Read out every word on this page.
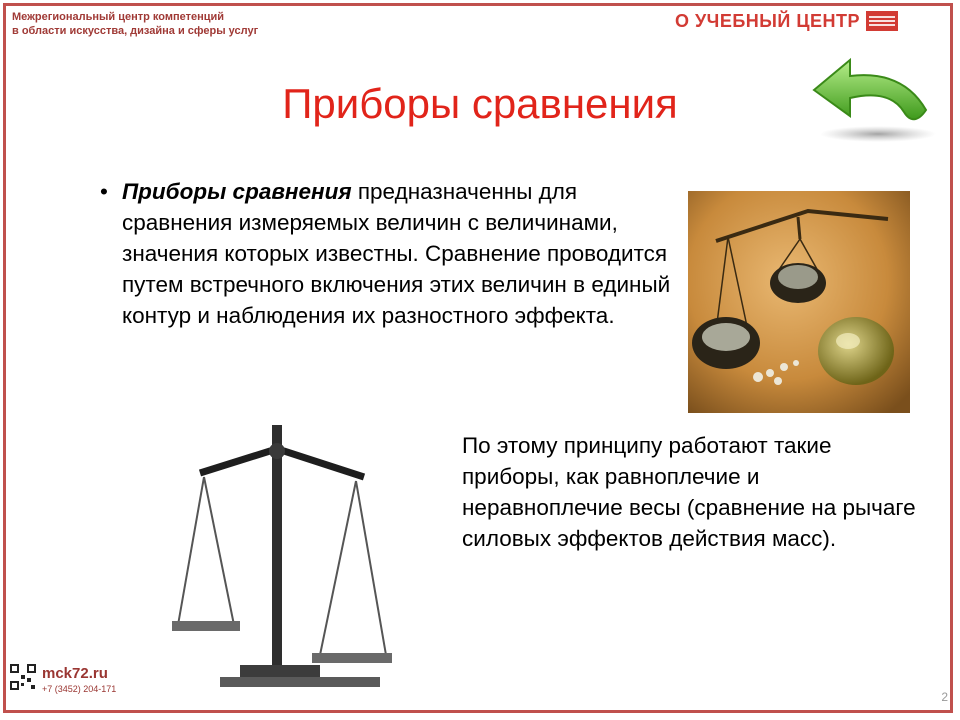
Межрегиональный центр компетенций
в области искусства, дизайна и сферы услуг
О УЧЕБНЫЙ ЦЕНТР
Приборы сравнения
• Приборы сравнения предназначенны для сравнения измеряемых величин с величинами, значения которых известны. Сравнение проводится путем встречного включения этих величин в единый контур и наблюдения их разностного эффекта.
По этому принципу работают такие приборы, как равноплечие и неравноплечие весы (сравнение на рычаге силовых эффектов действия масс).
mck72.ru
+7 (3452) 204-171
2
